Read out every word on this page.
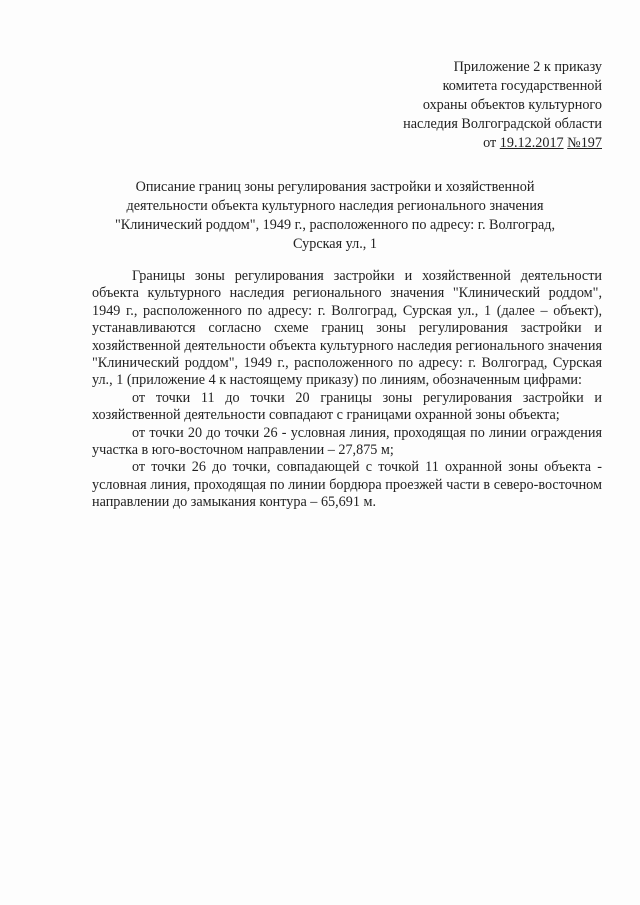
Приложение 2 к приказу
комитета государственной
охраны объектов культурного
наследия Волгоградской области
от 19.12.2017 №197
Описание границ зоны регулирования застройки и хозяйственной
деятельности объекта культурного наследия регионального значения
"Клинический роддом", 1949 г., расположенного по адресу: г. Волгоград,
Сурская ул., 1

Границы зоны регулирования застройки и хозяйственной деятельности объекта культурного наследия регионального значения "Клинический роддом", 1949 г., расположенного по адресу: г. Волгоград, Сурская ул., 1 (далее – объект), устанавливаются согласно схеме границ зоны регулирования застройки и хозяйственной деятельности объекта культурного наследия регионального значения "Клинический роддом", 1949 г., расположенного по адресу: г. Волгоград, Сурская ул., 1 (приложение 4 к настоящему приказу) по линиям, обозначенным цифрами:

от точки 11 до точки 20 границы зоны регулирования застройки и хозяйственной деятельности совпадают с границами охранной зоны объекта;

от точки 20 до точки 26 - условная линия, проходящая по линии ограждения участка в юго-восточном направлении – 27,875 м;

от точки 26 до точки, совпадающей с точкой 11 охранной зоны объекта - условная линия, проходящая по линии бордюра проезжей части в северо-восточном направлении до замыкания контура – 65,691 м.
